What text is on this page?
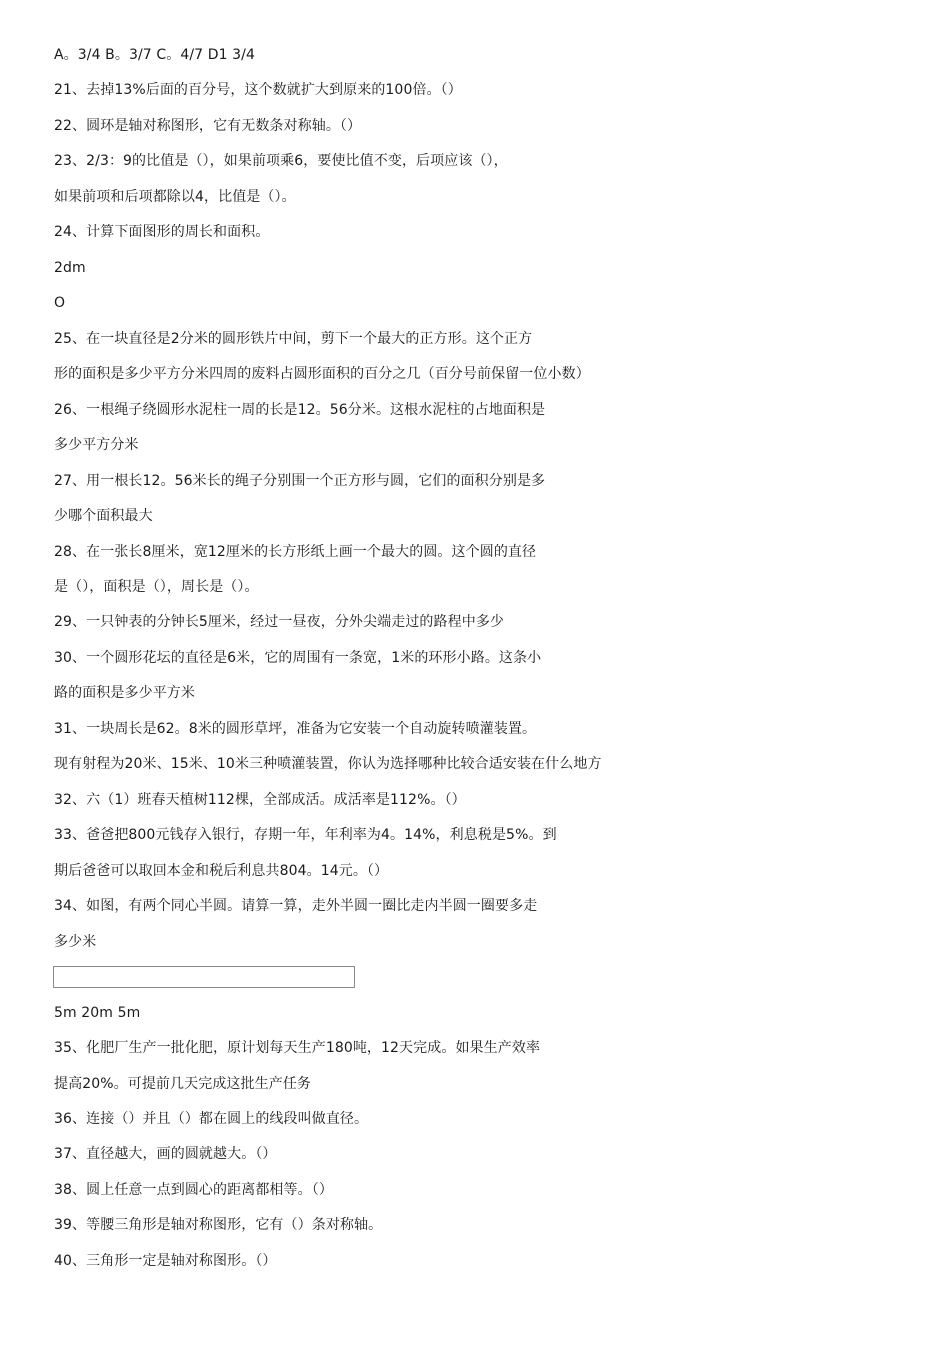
A。3/4 B。3/7 C。4/7 D1 3/4
21、去掉13%后面的百分号，这个数就扩大到原来的100倍。（）
22、圆环是轴对称图形，它有无数条对称轴。（）
23、2/3：9的比值是（），如果前项乘6，要使比值不变，后项应该（），
如果前项和后项都除以4，比值是（）。
24、计算下面图形的周长和面积。
2dm
O
25、在一块直径是2分米的圆形铁片中间，剪下一个最大的正方形。这个正方
形的面积是多少平方分米四周的废料占圆形面积的百分之几（百分号前保留一位小数）
26、一根绳子绕圆形水泥柱一周的长是12。56分米。这根水泥柱的占地面积是
多少平方分米
27、用一根长12。56米长的绳子分别围一个正方形与圆，它们的面积分别是多
少哪个面积最大
28、在一张长8厘米，宽12厘米的长方形纸上画一个最大的圆。这个圆的直径
是（），面积是（），周长是（）。
29、一只钟表的分钟长5厘米，经过一昼夜，分外尖端走过的路程中多少
30、一个圆形花坛的直径是6米，它的周围有一条宽，1米的环形小路。这条小
路的面积是多少平方米
31、一块周长是62。8米的圆形草坪，准备为它安装一个自动旋转喷灌装置。
现有射程为20米、15米、10米三种喷灌装置，你认为选择哪种比较合适安装在什么地方
32、六（1）班春天植树112棵，全部成活。成活率是112%。（）
33、爸爸把800元钱存入银行，存期一年，年利率为4。14%，利息税是5%。到
期后爸爸可以取回本金和税后利息共804。14元。（）
34、如图，有两个同心半圆。请算一算，走外半圆一圈比走内半圆一圈要多走
多少米
5m 20m 5m
35、化肥厂生产一批化肥，原计划每天生产180吨，12天完成。如果生产效率
提高20%。可提前几天完成这批生产任务
36、连接（）并且（）都在圆上的线段叫做直径。
37、直径越大，画的圆就越大。（）
38、圆上任意一点到圆心的距离都相等。（）
39、等腰三角形是轴对称图形，它有（）条对称轴。
40、三角形一定是轴对称图形。（）
